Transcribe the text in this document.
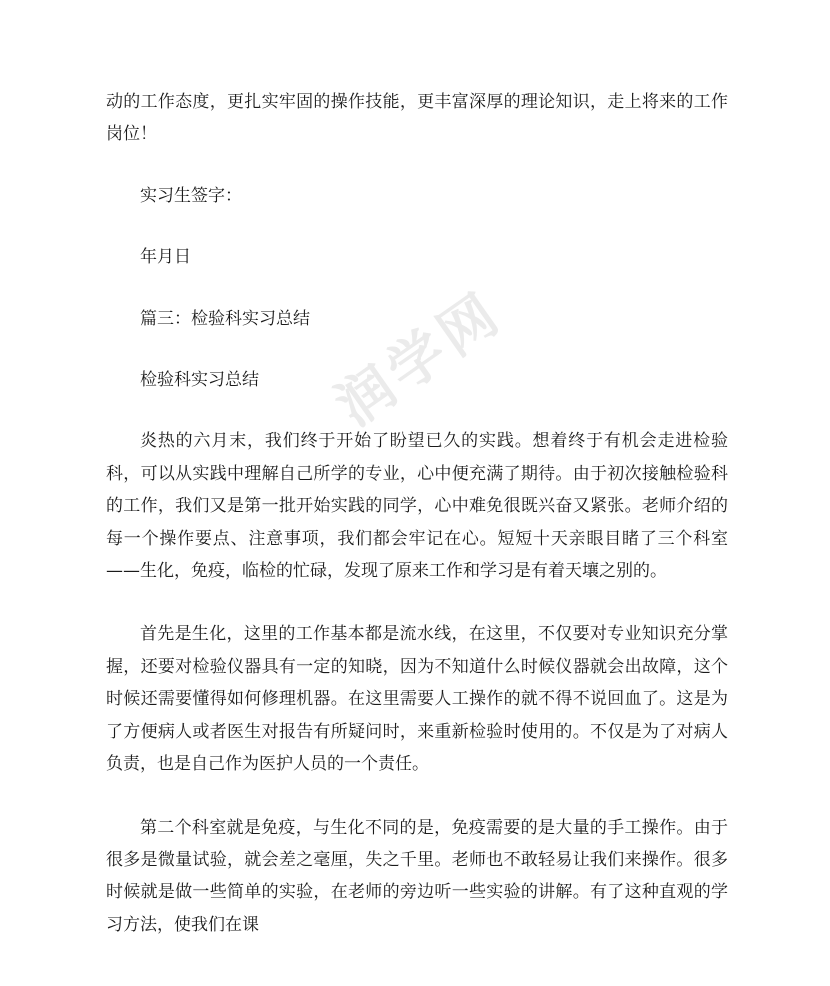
润学网

动的工作态度，更扎实牢固的操作技能，更丰富深厚的理论知识，走上将来的工作岗位！

实习生签字：

年月日

篇三：检验科实习总结

检验科实习总结

炎热的六月末，我们终于开始了盼望已久的实践。想着终于有机会走进检验科，可以从实践中理解自己所学的专业，心中便充满了期待。由于初次接触检验科的工作，我们又是第一批开始实践的同学，心中难免很既兴奋又紧张。老师介绍的每一个操作要点、注意事项，我们都会牢记在心。短短十天亲眼目睹了三个科室——生化，免疫，临检的忙碌，发现了原来工作和学习是有着天壤之别的。

首先是生化，这里的工作基本都是流水线，在这里，不仅要对专业知识充分掌握，还要对检验仪器具有一定的知晓，因为不知道什么时候仪器就会出故障，这个时候还需要懂得如何修理机器。在这里需要人工操作的就不得不说回血了。这是为了方便病人或者医生对报告有所疑问时，来重新检验时使用的。不仅是为了对病人负责，也是自己作为医护人员的一个责任。

第二个科室就是免疫，与生化不同的是，免疫需要的是大量的手工操作。由于很多是微量试验，就会差之毫厘，失之千里。老师也不敢轻易让我们来操作。很多时候就是做一些简单的实验，在老师的旁边听一些实验的讲解。有了这种直观的学习方法，使我们在课
